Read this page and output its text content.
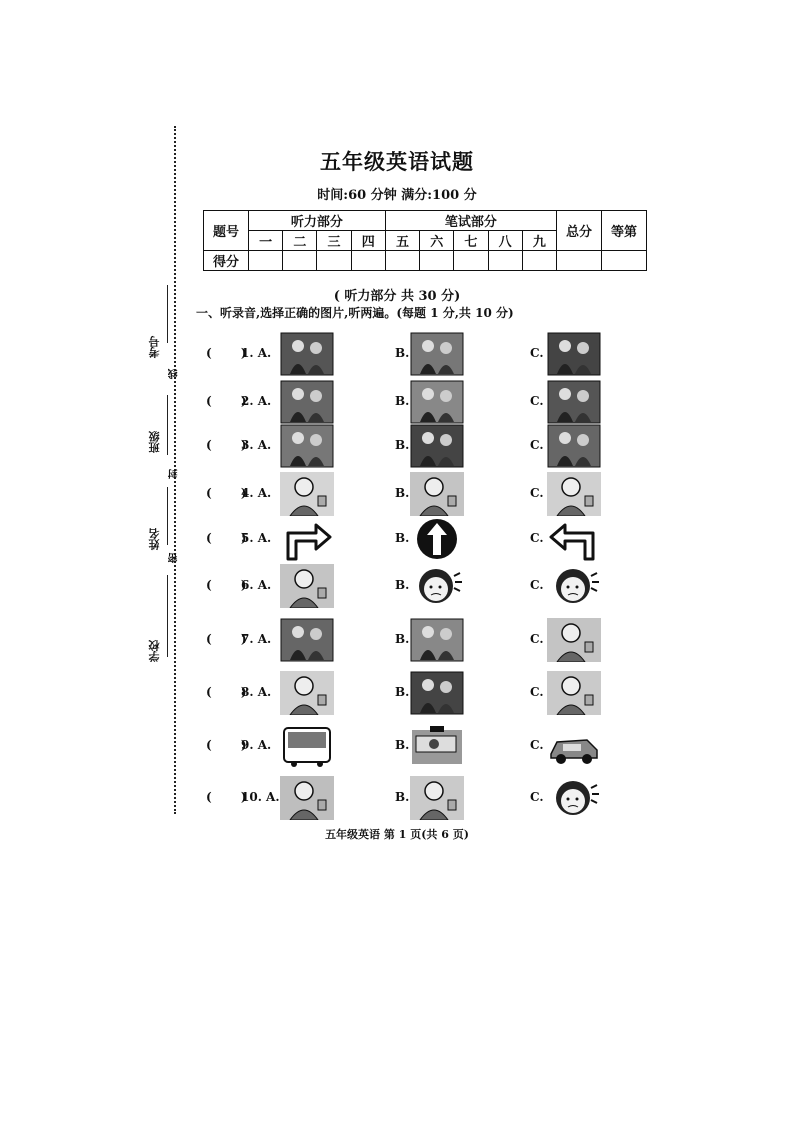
考号
线
班级
封
姓名
密
学校
五年级英语试题
时间:60 分钟 满分:100 分
题号	听力部分				笔试部分					总分	等第
	一	二	三	四	五	六	七	八	九		
得分											
( 听力部分 共 30 分)
一、听录音,选择正确的图片,听两遍。(每题 1 分,共 10 分)
(       )
1. A.	B.	C.
(       )
2. A.	B.	C.
(       )
3. A.	B.	C.
(       )
4. A.	B.	C.
(       )
5. A.	B.	C.
(       )
6. A.	B.	C.
(       )
7. A.	B.	C.
(       )
8. A.	B.	C.
(       )
9. A.	B.	C.
(       )
10. A.	B.	C.
五年级英语 第 1 页(共 6 页)
